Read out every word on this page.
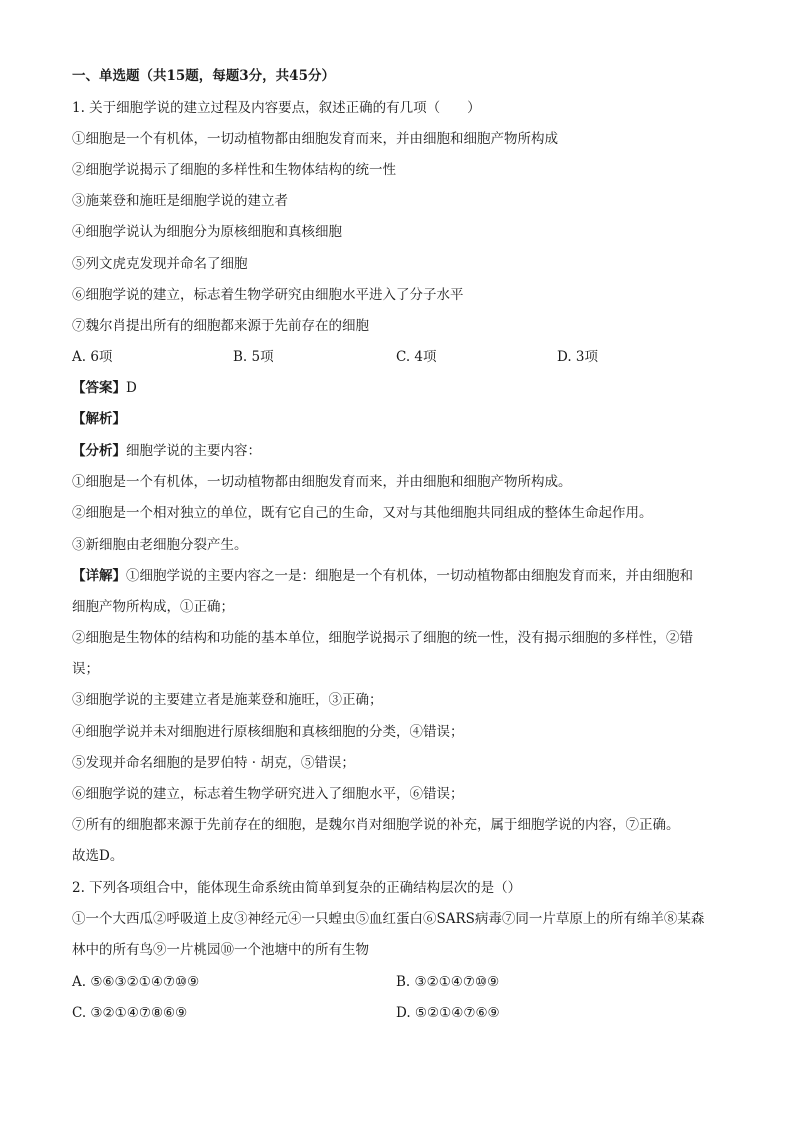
一、单选题（共15题，每题3分，共45分）
1. 关于细胞学说的建立过程及内容要点，叙述正确的有几项（　　）
①细胞是一个有机体，一切动植物都由细胞发育而来，并由细胞和细胞产物所构成
②细胞学说揭示了细胞的多样性和生物体结构的统一性
③施莱登和施旺是细胞学说的建立者
④细胞学说认为细胞分为原核细胞和真核细胞
⑤列文虎克发现并命名了细胞
⑥细胞学说的建立，标志着生物学研究由细胞水平进入了分子水平
⑦魏尔肖提出所有的细胞都来源于先前存在的细胞
A. 6项	B. 5项	C. 4项	D. 3项
【答案】D
【解析】
【分析】细胞学说的主要内容：
①细胞是一个有机体，一切动植物都由细胞发育而来，并由细胞和细胞产物所构成。
②细胞是一个相对独立的单位，既有它自己的生命，又对与其他细胞共同组成的整体生命起作用。
③新细胞由老细胞分裂产生。
【详解】①细胞学说的主要内容之一是：细胞是一个有机体，一切动植物都由细胞发育而来，并由细胞和
细胞产物所构成，①正确；
②细胞是生物体的结构和功能的基本单位，细胞学说揭示了细胞的统一性，没有揭示细胞的多样性，②错
误；
③细胞学说的主要建立者是施莱登和施旺，③正确；
④细胞学说并未对细胞进行原核细胞和真核细胞的分类，④错误；
⑤发现并命名细胞的是罗伯特 · 胡克，⑤错误；
⑥细胞学说的建立，标志着生物学研究进入了细胞水平，⑥错误；
⑦所有的细胞都来源于先前存在的细胞，是魏尔肖对细胞学说的补充，属于细胞学说的内容，⑦正确。
故选D。
2. 下列各项组合中，能体现生命系统由简单到复杂的正确结构层次的是（）
①一个大西瓜②呼吸道上皮③神经元④一只蝗虫⑤血红蛋白⑥SARS病毒⑦同一片草原上的所有绵羊⑧某森
林中的所有鸟⑨一片桃园⑩一个池塘中的所有生物
A. ⑤⑥③②①④⑦⑩⑨	B. ③②①④⑦⑩⑨
C. ③②①④⑦⑧⑥⑨	D. ⑤②①④⑦⑥⑨
